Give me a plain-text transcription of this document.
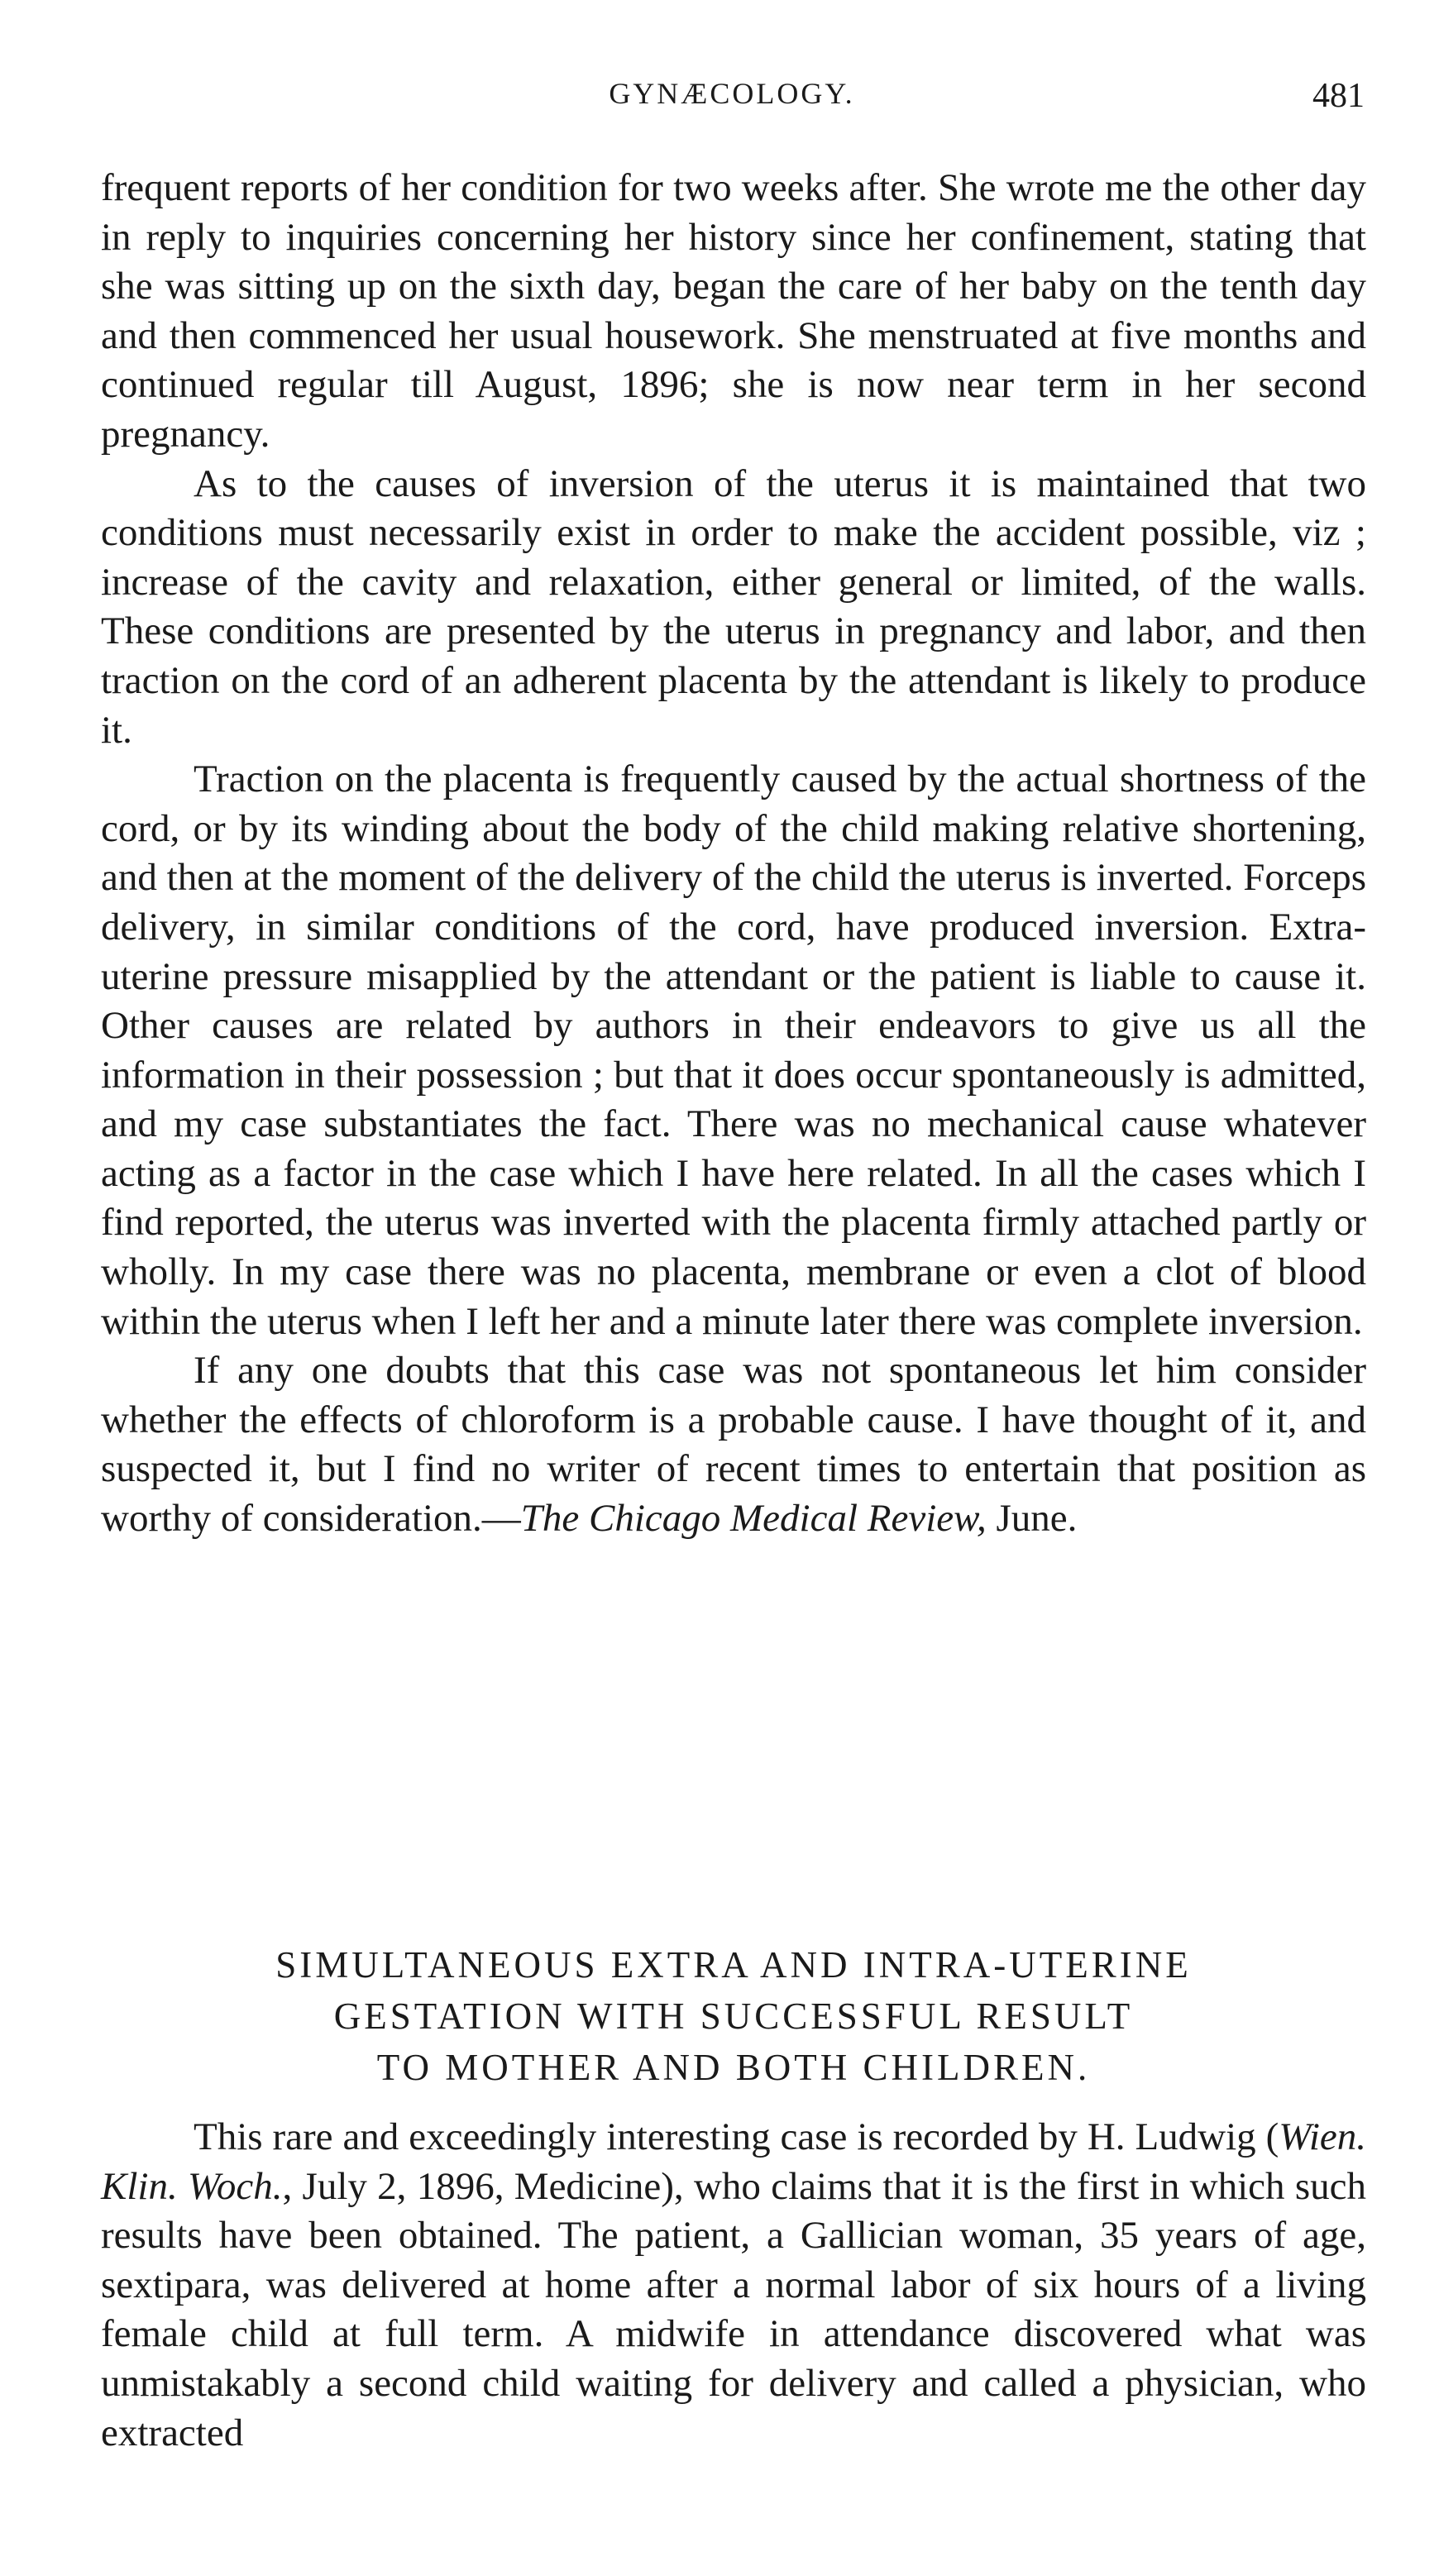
GYNÆCOLOGY.	481

frequent reports of her condition for two weeks after. She wrote me the other day in reply to inquiries concerning her history since her confinement, stating that she was sitting up on the sixth day, began the care of her baby on the tenth day and then commenced her usual housework. She menstruated at five months and continued regular till August, 1896; she is now near term in her second pregnancy.

As to the causes of inversion of the uterus it is maintained that two conditions must necessarily exist in order to make the accident possible, viz ; increase of the cavity and relaxation, either general or limited, of the walls. These conditions are presented by the uterus in pregnancy and labor, and then traction on the cord of an adherent placenta by the attendant is likely to produce it.

Traction on the placenta is frequently caused by the actual shortness of the cord, or by its winding about the body of the child making relative shortening, and then at the moment of the delivery of the child the uterus is inverted. Forceps delivery, in similar conditions of the cord, have produced inversion. Extra-uterine pressure misapplied by the attendant or the patient is liable to cause it. Other causes are related by authors in their endeavors to give us all the information in their possession ; but that it does occur spontaneously is admitted, and my case substantiates the fact. There was no mechanical cause whatever acting as a factor in the case which I have here related. In all the cases which I find reported, the uterus was inverted with the placenta firmly attached partly or wholly. In my case there was no placenta, membrane or even a clot of blood within the uterus when I left her and a minute later there was complete inversion.

If any one doubts that this case was not spontaneous let him consider whether the effects of chloroform is a probable cause. I have thought of it, and suspected it, but I find no writer of recent times to entertain that position as worthy of consideration.—The Chicago Medical Review, June.

SIMULTANEOUS EXTRA AND INTRA-UTERINE
GESTATION WITH SUCCESSFUL RESULT
TO MOTHER AND BOTH CHILDREN.

This rare and exceedingly interesting case is recorded by H. Ludwig (Wien. Klin. Woch., July 2, 1896, Medicine), who claims that it is the first in which such results have been obtained. The patient, a Gallician woman, 35 years of age, sextipara, was delivered at home after a normal labor of six hours of a living female child at full term. A midwife in attendance discovered what was unmistakably a second child waiting for delivery and called a physician, who extracted
